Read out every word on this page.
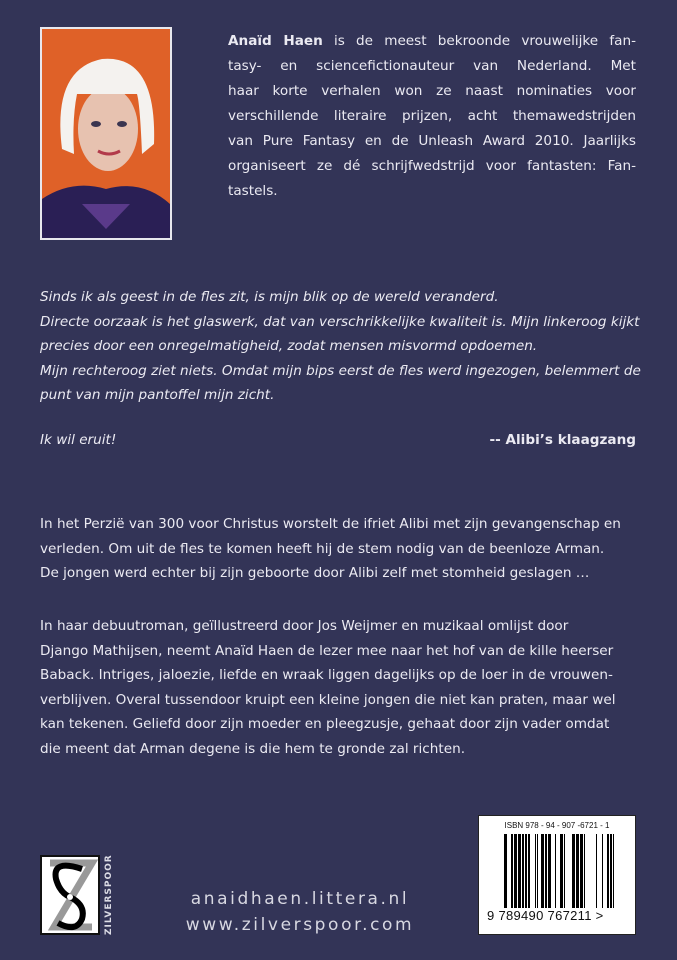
Anaïd Haen is de meest bekroonde vrouwelijke fan-
tasy- en sciencefictionauteur van Nederland. Met
haar korte verhalen won ze naast nominaties voor
verschillende literaire prijzen, acht themawedstrijden
van Pure Fantasy en de Unleash Award 2010. Jaarlijks
organiseert ze dé schrijfwedstrijd voor fantasten: Fan-
tastels.
Sinds ik als geest in de fles zit, is mijn blik op de wereld veranderd.
Directe oorzaak is het glaswerk, dat van verschrikkelijke kwaliteit is. Mijn linkeroog kijkt
precies door een onregelmatigheid, zodat mensen misvormd opdoemen.
Mijn rechteroog ziet niets. Omdat mijn bips eerst de fles werd ingezogen, belemmert de
punt van mijn pantoffel mijn zicht.
Ik wil eruit!	-- Alibi’s klaagzang
In het Perzië van 300 voor Christus worstelt de ifriet Alibi met zijn gevangenschap en
verleden. Om uit de fles te komen heeft hij de stem nodig van de beenloze Arman.
De jongen werd echter bij zijn geboorte door Alibi zelf met stomheid geslagen …
In haar debuutroman, geïllustreerd door Jos Weijmer en muzikaal omlijst door
Django Mathijsen, neemt Anaïd Haen de lezer mee naar het hof van de kille heerser
Baback. Intriges, jaloezie, liefde en wraak liggen dagelijks op de loer in de vrouwen-
verblijven. Overal tussendoor kruipt een kleine jongen die niet kan praten, maar wel
kan tekenen. Geliefd door zijn moeder en pleegzusje, gehaat door zijn vader omdat
die meent dat Arman degene is die hem te gronde zal richten.
ZILVERSPOOR	anaidhaen.littera.nl
www.zilverspoor.com
ISBN 978 - 94 - 907 -6721 - 1
9 789490 767211 >
